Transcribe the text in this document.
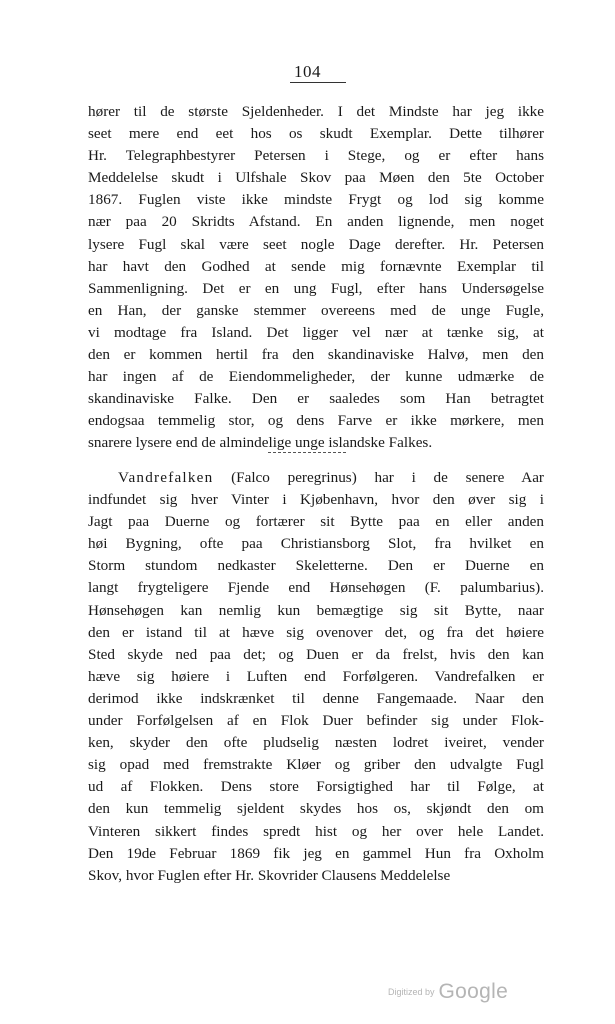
104
hører til de største Sjeldenheder. I det Mindste har jeg ikke
seet mere end eet hos os skudt Exemplar. Dette tilhører
Hr. Telegraphbestyrer Petersen i Stege, og er efter hans
Meddelelse skudt i Ulfshale Skov paa Møen den 5te October
1867. Fuglen viste ikke mindste Frygt og lod sig komme
nær paa 20 Skridts Afstand. En anden lignende, men noget
lysere Fugl skal være seet nogle Dage derefter. Hr. Petersen
har havt den Godhed at sende mig fornævnte Exemplar til
Sammenligning. Det er en ung Fugl, efter hans Undersøgelse
en Han, der ganske stemmer overeens med de unge Fugle,
vi modtage fra Island. Det ligger vel nær at tænke sig, at
den er kommen hertil fra den skandinaviske Halvø, men den
har ingen af de Eiendommeligheder, der kunne udmærke de
skandinaviske Falke. Den er saaledes som Han betragtet
endogsaa temmelig stor, og dens Farve er ikke mørkere, men
snarere lysere end de almindelige unge islandske Falkes.
Vandrefalken (Falco peregrinus) har i de senere Aar
indfundet sig hver Vinter i Kjøbenhavn, hvor den øver sig i
Jagt paa Duerne og fortærer sit Bytte paa en eller anden
høi Bygning, ofte paa Christiansborg Slot, fra hvilket en
Storm stundom nedkaster Skeletterne. Den er Duerne en
langt frygteligere Fjende end Hønsehøgen (F. palumbarius).
Hønsehøgen kan nemlig kun bemægtige sig sit Bytte, naar
den er istand til at hæve sig ovenover det, og fra det høiere
Sted skyde ned paa det; og Duen er da frelst, hvis den kan
hæve sig høiere i Luften end Forfølgeren. Vandrefalken er
derimod ikke indskrænket til denne Fangemaade. Naar den
under Forfølgelsen af en Flok Duer befinder sig under Flok-
ken, skyder den ofte pludselig næsten lodret iveiret, vender
sig opad med fremstrakte Kløer og griber den udvalgte Fugl
ud af Flokken. Dens store Forsigtighed har til Følge, at
den kun temmelig sjeldent skydes hos os, skjøndt den om
Vinteren sikkert findes spredt hist og her over hele Landet.
Den 19de Februar 1869 fik jeg en gammel Hun fra Oxholm
Skov, hvor Fuglen efter Hr. Skovrider Clausens Meddelelse
Digitized by Google
